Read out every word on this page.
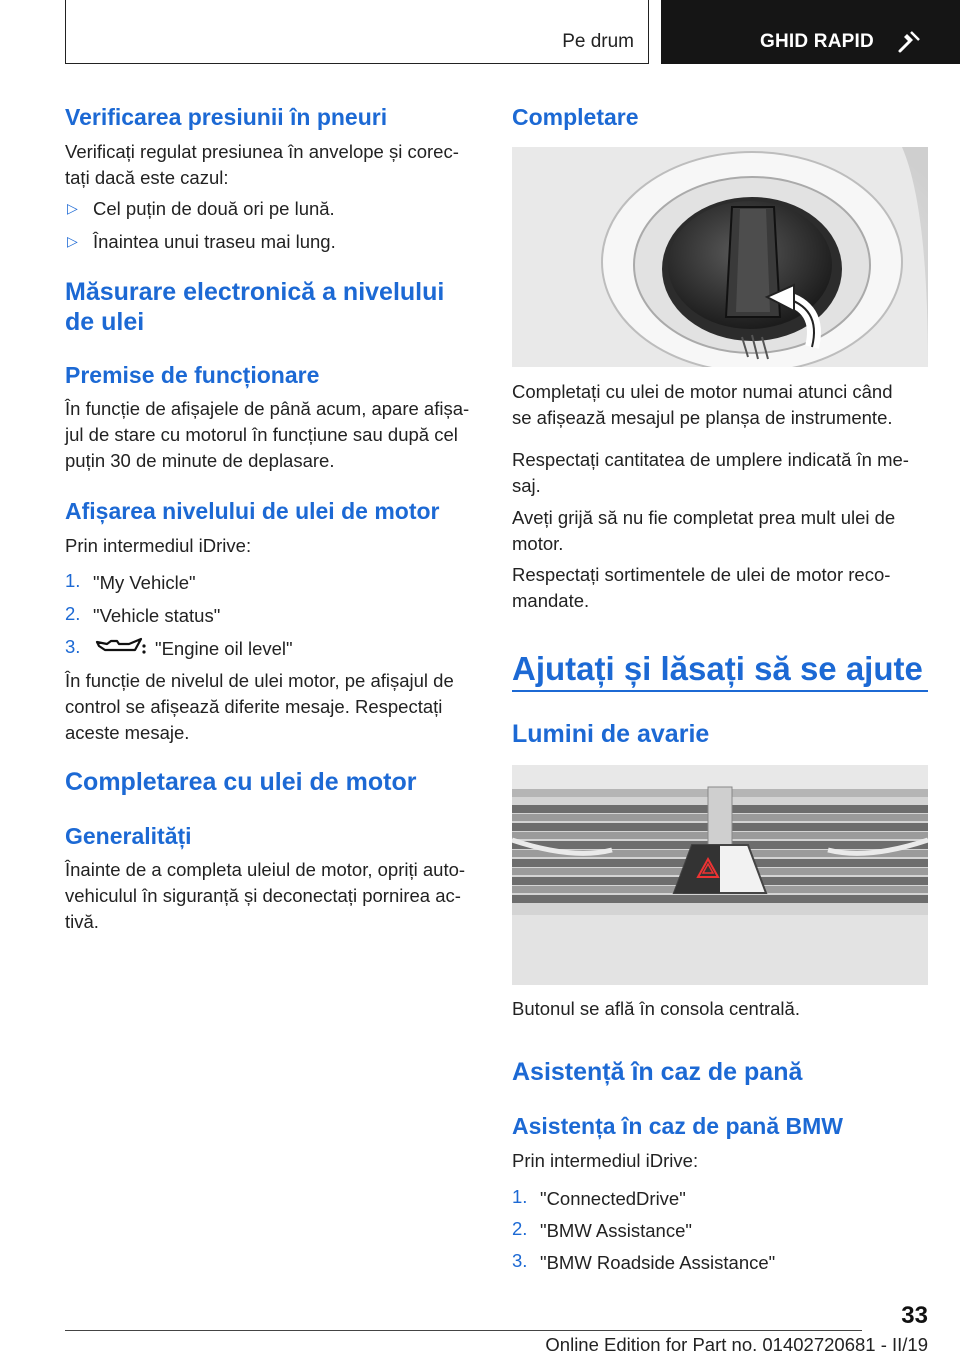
Pe drum	GHID RAPID
Verificarea presiunii în pneuri
Verificați regulat presiunea în anvelope și corec-
tați dacă este cazul:
▷ Cel puțin de două ori pe lună.
▷ Înaintea unui traseu mai lung.
Măsurare electronică a nivelului
de ulei
Premise de funcționare
În funcție de afișajele de până acum, apare afișa-
jul de stare cu motorul în funcțiune sau după cel
puțin 30 de minute de deplasare.
Afișarea nivelului de ulei de motor
Prin intermediul iDrive:
1. "My Vehicle"
2. "Vehicle status"
3.	"Engine oil level"
În funcție de nivelul de ulei motor, pe afișajul de
control se afișează diferite mesaje. Respectați
aceste mesaje.
Completarea cu ulei de motor
Generalități
Înainte de a completa uleiul de motor, opriți auto-
vehiculul în siguranță și deconectați pornirea ac-
tivă.
Completare
Completați cu ulei de motor numai atunci când
se afișează mesajul pe planșa de instrumente.
Respectați cantitatea de umplere indicată în me-
saj.
Aveți grijă să nu fie completat prea mult ulei de
motor.
Respectați sortimentele de ulei de motor reco-
mandate.
Ajutați și lăsați să se ajute
Lumini de avarie
Butonul se află în consola centrală.
Asistență în caz de pană
Asistența în caz de pană BMW
Prin intermediul iDrive:
1. "ConnectedDrive"
2. "BMW Assistance"
3. "BMW Roadside Assistance"
33
Online Edition for Part no. 01402720681 - II/19
